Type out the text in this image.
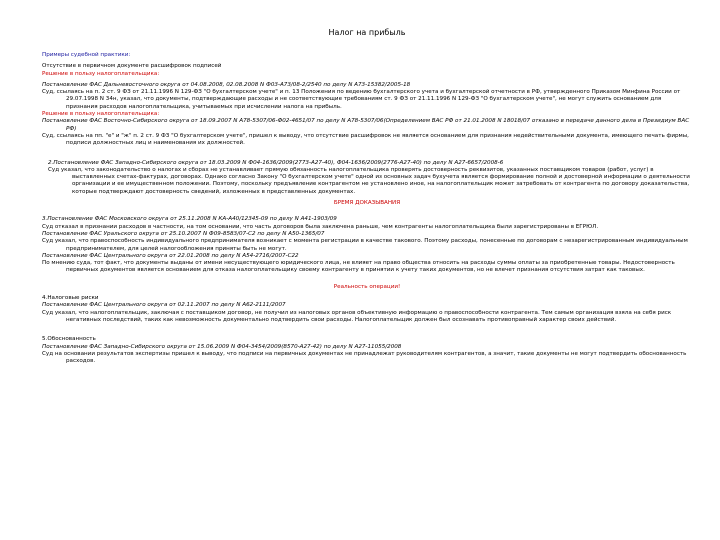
Налог на прибыль
Примеры судебной практики:
Отсутствие в первичном документе расшифровок подписей
Решение в пользу налогоплательщика:
Постановление ФАС Дальневосточного округа от 04.08.2008, 02.08.2008 N Ф03-А73/08-2/2540 по делу N А73-15382/2005-18
Суд, ссылаясь на п. 2 ст. 9 ФЗ от 21.11.1996 N 129-ФЗ "О бухгалтерском учете" и п. 13 Положения по ведению бухгалтерского учета и бухгалтерской отчетности в РФ, утвержденного Приказом Минфина России от 29.07.1998 N 34н, указал, что документы, подтверждающие расходы и не соответствующие требованиям ст. 9 ФЗ от 21.11.1996 N 129-ФЗ "О бухгалтерском учете", не могут служить основанием для признания расходов налогоплательщика, учитываемых при исчислении налога на прибыль.
Решение в пользу налогоплательщика:
Постановление ФАС Восточно-Сибирского округа от 18.09.2007 N А78-5307/06-Ф02-4651/07 по делу N А78-5307/06(Определением ВАС РФ от 21.01.2008 N 18018/07 отказано в передаче данного дела в Президиум ВАС РФ)
Суд, ссылаясь на пп. "е" и "ж" п. 2 ст. 9 ФЗ "О бухгалтерском учете", пришел к выводу, что отсутствие расшифровок не является основанием для признания недействительными документа, имеющего печать фирмы, подписи должностных лиц и наименования их должностей.
2.Постановление ФАС Западно-Сибирского округа от 18.03.2009 N Ф04-1636/2009(2773-А27-40), Ф04-1636/2009(2776-А27-40) по делу N А27-6657/2008-6
Суд указал, что законодательство о налогах и сборах не устанавливает прямую обязанность налогоплательщика проверять достоверность реквизитов, указанных поставщиком товаров (работ, услуг) в выставленных счетах-фактурах, договорах. Однако согласно Закону "О бухгалтерском учете" одной из основных задач бухучета является формирование полной и достоверной информации о деятельности организации и ее имущественном положении. Поэтому, поскольку предъявление контрагентом не установлено иное, на налогоплательщик может затребовать от контрагента по договору доказательства, которые подтверждают достоверность сведений, изложенных в представленных документах.
БРЕМЯ ДОКАЗЫВАНИЯ
3.Постановление ФАС Московского округа от 25.11.2008 N КА-А40/12345-09 по делу N А41-1903/09
Суд отказал в признании расходов в частности, на том основании, что часть договоров была заключена раньше, чем контрагенты налогоплательщика были зарегистрированы в ЕГРЮЛ.
Постановление ФАС Уральского округа от 25.10.2007 N Ф09-8583/07-С2 по делу N А50-1365/07
Суд указал, что правоспособность индивидуального предпринимателя возникает с момента регистрации в качестве такового. Поэтому расходы, понесенные по договорам с незарегистрированным индивидуальным предпринимателем, для целей налогообложения приняты быть не могут.
Постановление ФАС Центрального округа от 22.01.2008 по делу N А54-2716/2007-С22
По мнению суда, тот факт, что документы выданы от имени несуществующего юридического лица, не влияет на право общества относить на расходы суммы оплаты за приобретенные товары. Недостоверность первичных документов является основанием для отказа налогоплательщику своему контрагенту в принятии к учету таких документов, но не влечет признания отсутствия затрат как таковых.
Реальность операции!
4.Налоговые риски
Постановление ФАС Центрального округа от 02.11.2007 по делу N А62-2111/2007
Суд указал, что налогоплательщик, заключая с поставщиком договор, не получил из налоговых органов объективную информацию о правоспособности контрагента. Тем самым организация взяла на себя риск негативных последствий, таких как невозможность документально подтвердить свои расходы. Налогоплательщик должен был осознавать противоправный характер своих действий.
5.Обоснованность
Постановление ФАС Западно-Сибирского округа от 15.06.2009 N Ф04-3454/2009(8570-А27-42) по делу N А27-11055/2008
Суд на основании результатов экспертизы пришел к выводу, что подписи на первичных документах не принадлежат руководителям контрагентов, а значит, такие документы не могут подтвердить обоснованность расходов.
